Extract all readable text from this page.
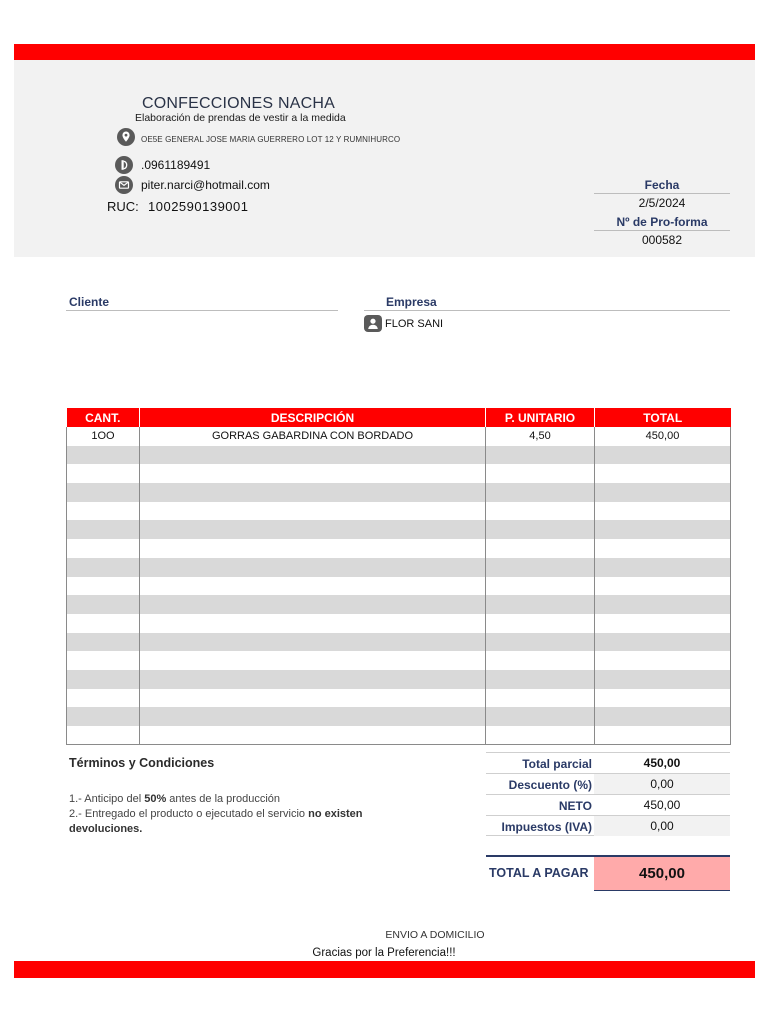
CONFECCIONES NACHA
Elaboración de prendas de vestir a la medida
OE5E GENERAL JOSE MARIA GUERRERO LOT 12 Y RUMNIHURCO
.0961189491
piter.narci@hotmail.com
RUC: 1002590139001
Fecha
2/5/2024
Nº de Pro-forma
000582
Cliente	Empresa
FLOR SANI
CANT.	DESCRIPCIÓN	P. UNITARIO	TOTAL
1OO	GORRAS GABARDINA CON BORDADO	4,50	450,00

Términos y Condiciones
1.- Anticipo del 50% antes de la producción
2.- Entregado el producto o ejecutado el servicio no existen devoluciones.
Total parcial	450,00
Descuento (%)	0,00
NETO	450,00
Impuestos (IVA)	0,00
TOTAL A PAGAR	450,00
ENVIO A DOMICILIO
Gracias por la Preferencia!!!
